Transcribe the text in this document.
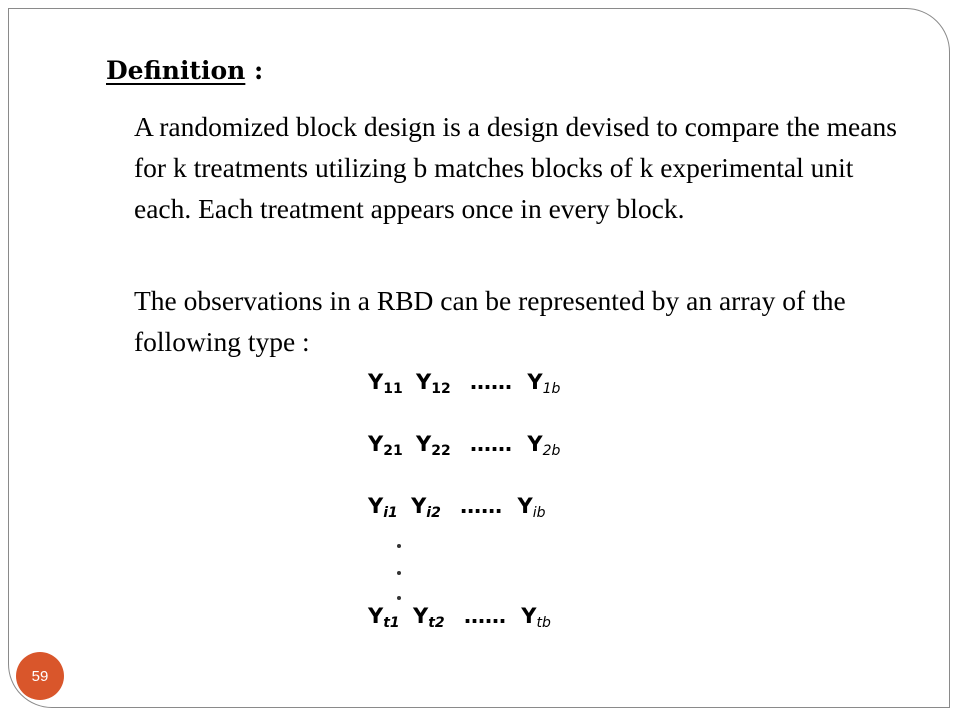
Definition :

A randomized block design is a design devised to compare the means for k treatments utilizing b matches blocks of k experimental unit each. Each treatment appears once in every block.

The observations in a RBD can be represented by an array of the following type :

$Y_{11}$ $Y_{12}$ …… $Y_{1b}$
$Y_{21}$ $Y_{22}$ …… $Y_{2b}$
$Y_{i1}$ $Y_{i2}$ …… $Y_{ib}$
$Y_{t1}$ $Y_{t2}$ …… $Y_{tb}$
59
